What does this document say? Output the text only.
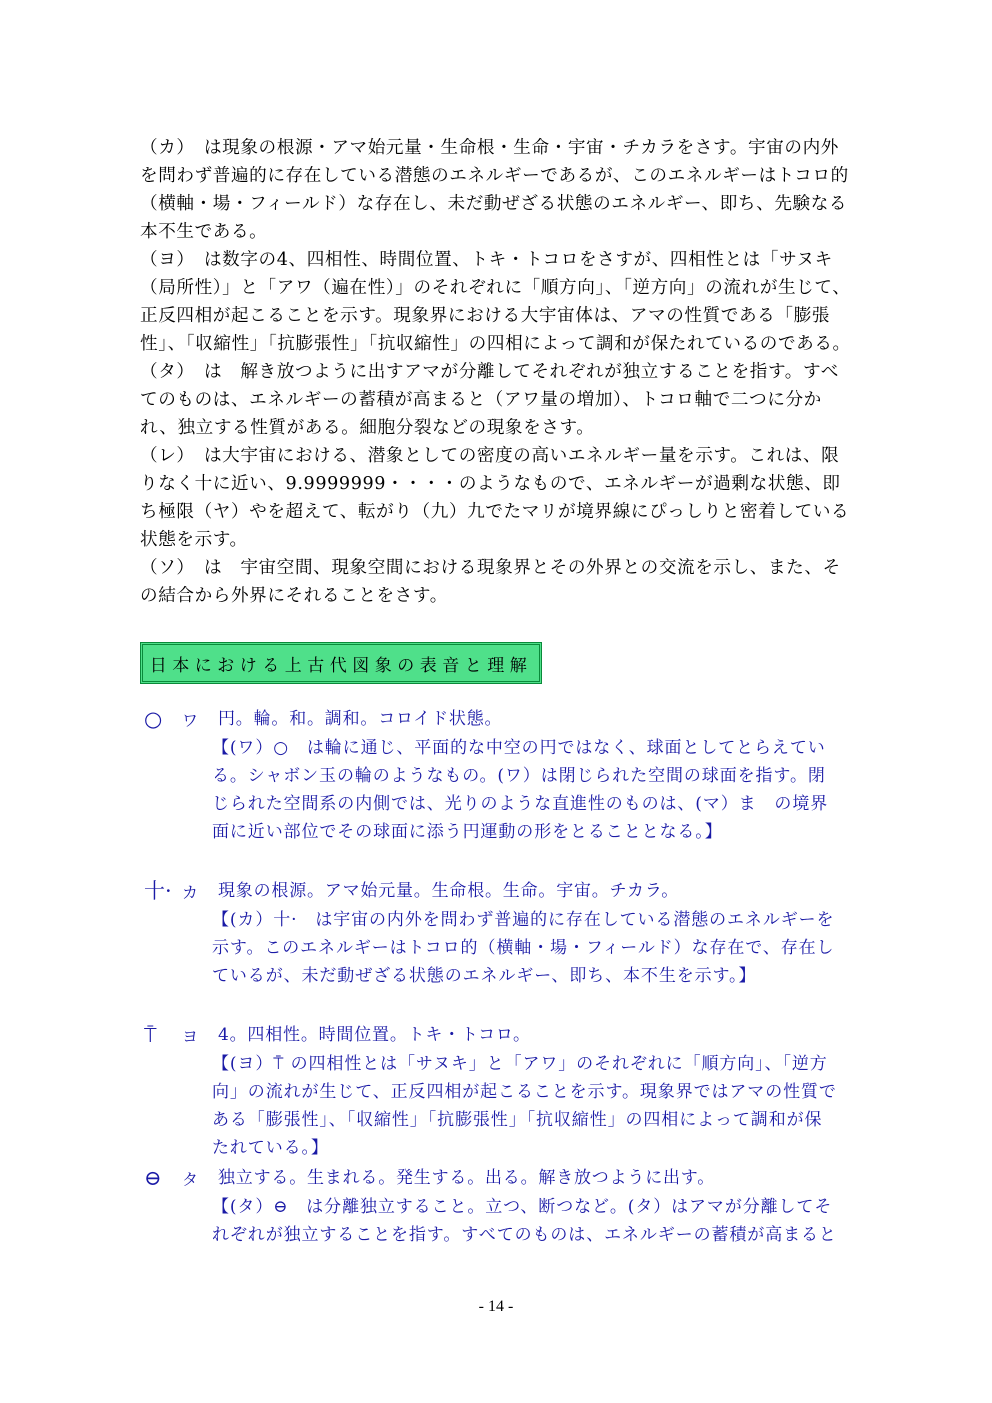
（カ）　は現象の根源・アマ始元量・生命根・生命・宇宙・チカラをさす。宇宙の内外を問わず普遍的に存在している潜態のエネルギーであるが、このエネルギーはトコロ的（横軸・場・フィールド）な存在し、未だ動ぜざる状態のエネルギー、即ち、先験なる本不生である。

（ヨ）　は数字の4、四相性、時間位置、トキ・トコロをさすが、四相性とは「サヌキ（局所性）」と「アワ（遍在性）」のそれぞれに「順方向」、「逆方向」の流れが生じて、正反四相が起こることを示す。現象界における大宇宙体は、アマの性質である「膨張性」、「収縮性」「抗膨張性」「抗収縮性」の四相によって調和が保たれているのである。

（タ）　は　解き放つように出すアマが分離してそれぞれが独立することを指す。すべてのものは、エネルギーの蓄積が高まると（アワ量の増加）、トコロ軸で二つに分かれ、独立する性質がある。細胞分裂などの現象をさす。

（レ）　は大宇宙における、潜象としての密度の高いエネルギー量を示す。これは、限りなく十に近い、9.9999999・・・・のようなもので、エネルギーが過剰な状態、即ち極限（ヤ）やを超えて、転がり（九）九でたマリが境界線にぴっしりと密着している状態を示す。

（ソ）　は　宇宙空間、現象空間における現象界とその外界との交流を示し、また、その結合から外界にそれることをさす。

日本における上古代図象の表音と理解
○ ワ 円。輪。和。調和。コロイド状態。
【(ワ）○　は輪に通じ、平面的な中空の円ではなく、球面としてとらえている。シャボン玉の輪のようなもの。(ワ）は閉じられた空間の球面を指す。閉じられた空間系の内側では、光りのような直進性のものは、(マ）ま　の境界面に近い部位でその球面に添う円運動の形をとることとなる。】
十· カ 現象の根源。アマ始元量。生命根。生命。宇宙。チカラ。
【(カ）十·　は宇宙の内外を問わず普遍的に存在している潜態のエネルギーを示す。このエネルギーはトコロ的（横軸・場・フィールド）な存在で、存在しているが、未だ動ぜざる状態のエネルギー、即ち、本不生を示す。】
⍑ ヨ 4。四相性。時間位置。トキ・トコロ。
【(ヨ）⍑ の四相性とは「サヌキ」と「アワ」のそれぞれに「順方向」、「逆方向」の流れが生じて、正反四相が起こることを示す。現象界ではアマの性質である「膨張性」、「収縮性」「抗膨張性」「抗収縮性」の四相によって調和が保たれている。】
⊖ タ 独立する。生まれる。発生する。出る。解き放つように出す。
【(タ）⊖　は分離独立すること。立つ、断つなど。(タ）はアマが分離してそれぞれが独立することを指す。すべてのものは、エネルギーの蓄積が高まると
- 14 -
